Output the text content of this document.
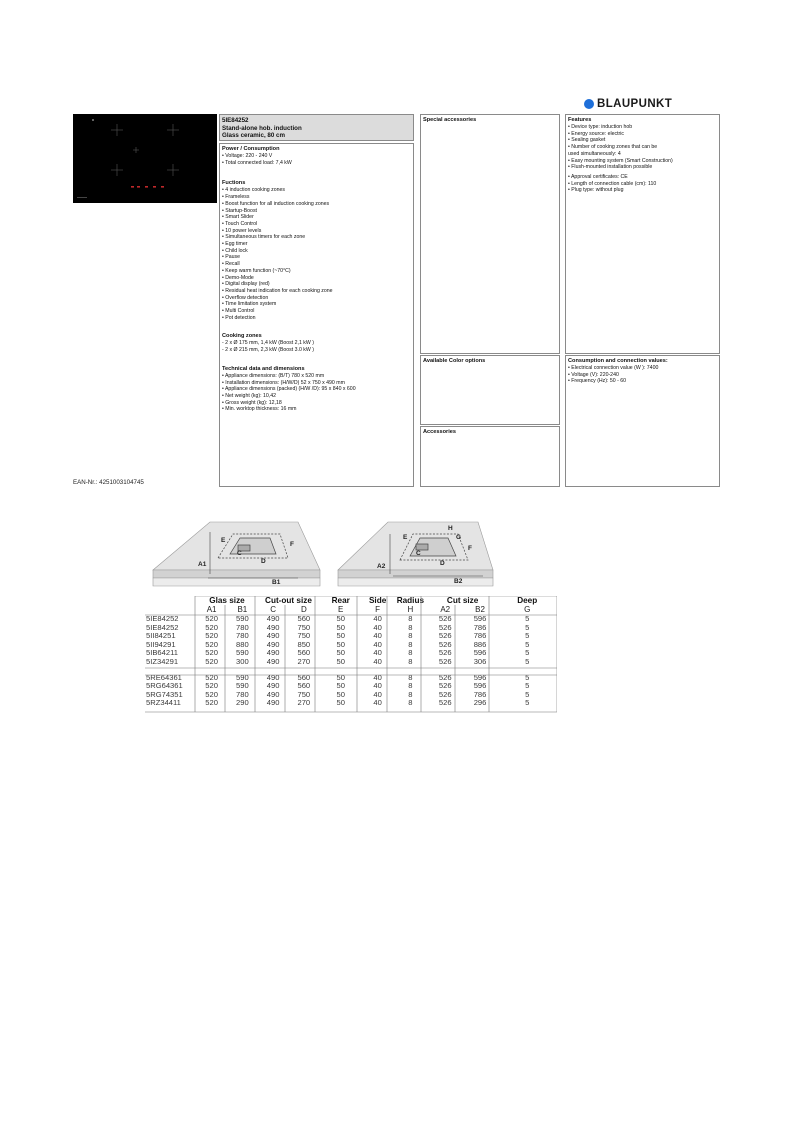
BLAUPUNKT
5IE84252
Stand-alone hob. induction
Glass ceramic, 80 cm
Power / Consumption
• Voltage: 220 - 240 V
• Total connected load: 7,4 kW
Fuctions
• 4 induction cooking zones
• Frameless
• Boost function for all induction cooking zones
• Startup-Boost
• Smart Slider
• Touch Control
• 10 power levels
• Simultaneous timers for each zone
• Egg timer
• Child lock
• Pause
• Recall
• Keep warm function (~70°C)
• Demo-Mode
• Digital display (red)
• Residual heat indication for each cooking zone
• Overflow detection
• Time limitation system
• Multi Control
• Pot detection
Cooking zones
- 2 x Ø 175 mm, 1,4 kW (Boost 2,1 kW )
- 2 x Ø 215 mm, 2,3 kW (Boost 3.0 kW )
Technical data and dimensions
• Appliance dimensions: (B/T) 780 x 520 mm
• Installation dimensions: (H/W/D) 52 x 750 x 490 mm
• Appliance dimensions (packed) (H/W /D): 95 x 840 x 600
• Net weight (kg): 10,42
• Gross weight (kg): 12,18
• Min. worktop thickness: 16 mm
Special accessories
Available Color options
Accessories
Features
• Device type: induction hob
• Energy source: electric
• Sealing gasket
• Number of cooking zones that can be
used simultaneously: 4
• Easy mounting system (Smart Construction)
• Flush-mounted installation possible
• Approval certificates: CE
• Length of connection cable (cm): 110
• Plug type: without plug
Consumption and connection values:
• Electrical connection value (W ): 7400
• Voltage (V): 220-240
• Frequency (Hz): 50 - 60
EAN-Nr.: 4251003104745
E
C
D
F
A1
B1
H
E	G
C
F
D
A2
B2
	Glas size		Cut-out size		Rear	Side	Radius	Cut size		Deep
	A1	B1	C	D	E	F	H	A2	B2	G
5IE84252	520	590	490	560	50	40	8	526	596	5
5IE84252	520	780	490	750	50	40	8	526	786	5
5II84251	520	780	490	750	50	40	8	526	786	5
5II94291	520	880	490	850	50	40	8	526	886	5
5IB64211	520	590	490	560	50	40	8	526	596	5
5IZ34291	520	300	490	270	50	40	8	526	306	5

5RE64361	520	590	490	560	50	40	8	526	596	5
5RG64361	520	590	490	560	50	40	8	526	596	5
5RG74351	520	780	490	750	50	40	8	526	786	5
5RZ34411	520	290	490	270	50	40	8	526	296	5
